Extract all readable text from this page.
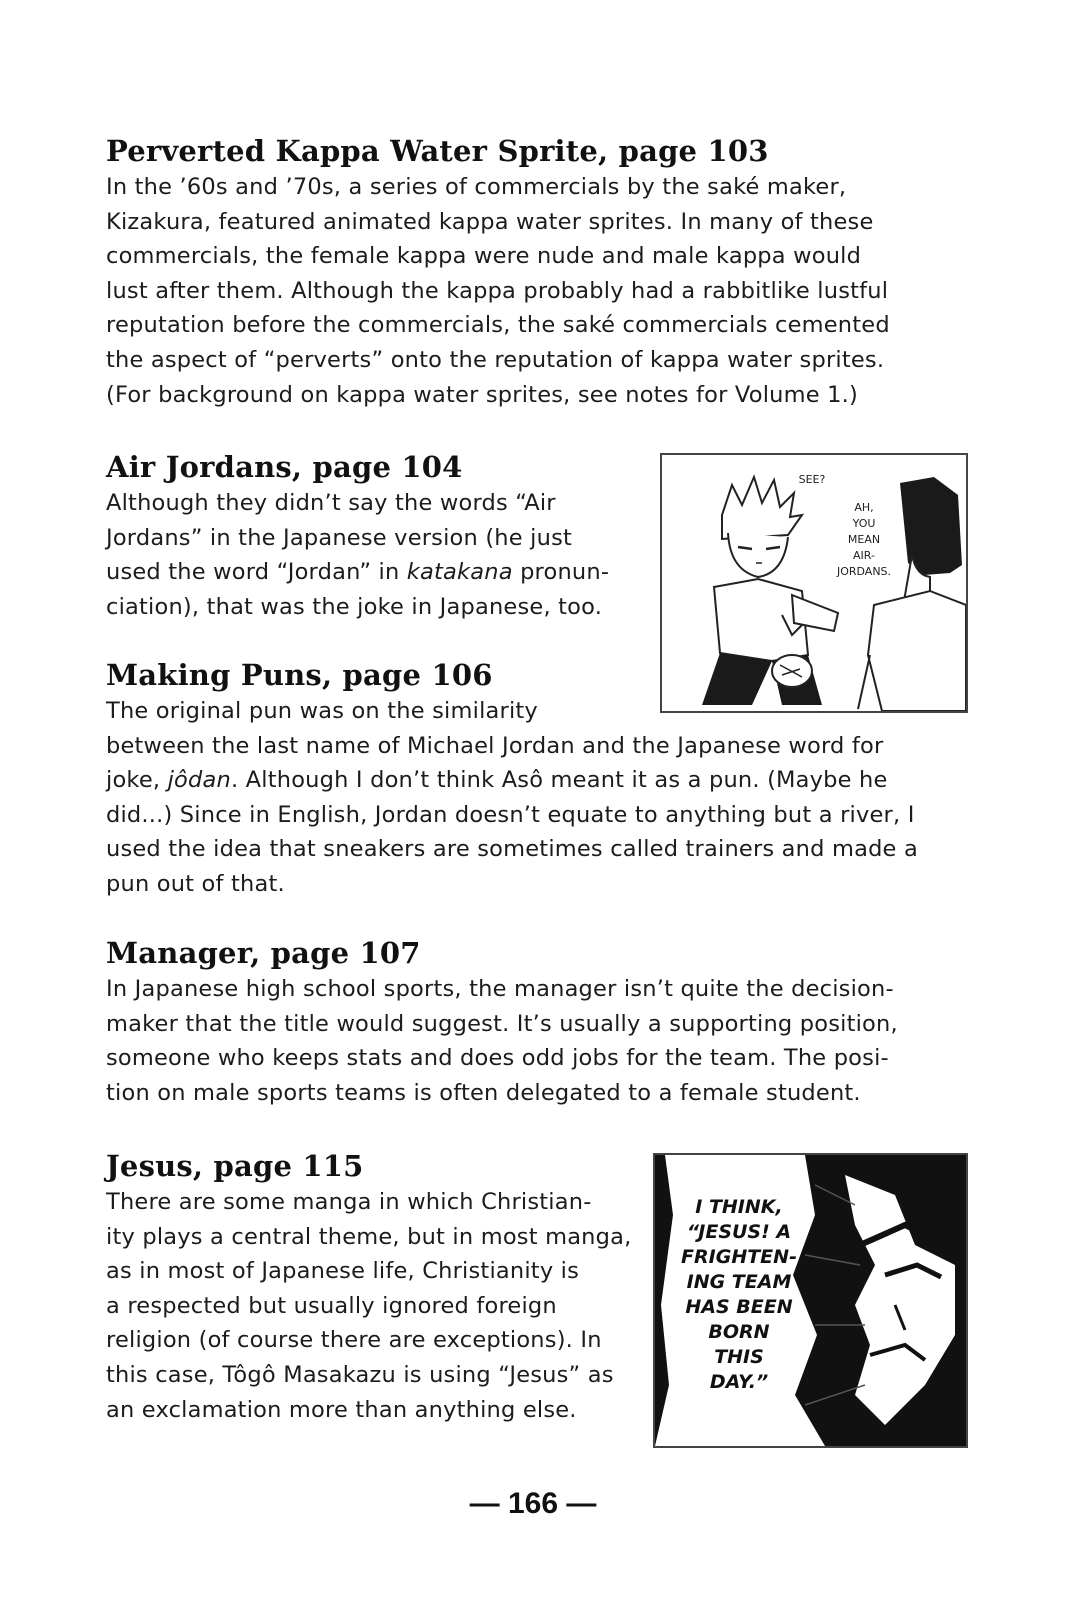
Perverted Kappa Water Sprite, page 103

In the ’60s and ’70s, a series of commercials by the saké maker,
Kizakura, featured animated kappa water sprites. In many of these
commercials, the female kappa were nude and male kappa would
lust after them. Although the kappa probably had a rabbitlike lustful
reputation before the commercials, the saké commercials cemented
the aspect of “perverts” onto the reputation of kappa water sprites.
(For background on kappa water sprites, see notes for Volume 1.)

Air Jordans, page 104

Although they didn’t say the words “Air
Jordans” in the Japanese version (he just
used the word “Jordan” in katakana pronun-
ciation), that was the joke in Japanese, too.

SEE?
AH,
YOU
MEAN
AIR-
JORDANS.
Making Puns, page 106

The original pun was on the similarity
between the last name of Michael Jordan and the Japanese word for
joke, jôdan. Although I don’t think Asô meant it as a pun. (Maybe he
did...) Since in English, Jordan doesn’t equate to anything but a river, I
used the idea that sneakers are sometimes called trainers and made a
pun out of that.

Manager, page 107

In Japanese high school sports, the manager isn’t quite the decision-
maker that the title would suggest. It’s usually a supporting position,
someone who keeps stats and does odd jobs for the team. The posi-
tion on male sports teams is often delegated to a female student.

Jesus, page 115

There are some manga in which Christian-
ity plays a central theme, but in most manga,
as in most of Japanese life, Christianity is
a respected but usually ignored foreign
religion (of course there are exceptions). In
this case, Tôgô Masakazu is using “Jesus” as
an exclamation more than anything else.

I THINK,
“JESUS! A
FRIGHTEN-
ING TEAM
HAS BEEN
BORN
THIS
DAY.”
— 166 —
